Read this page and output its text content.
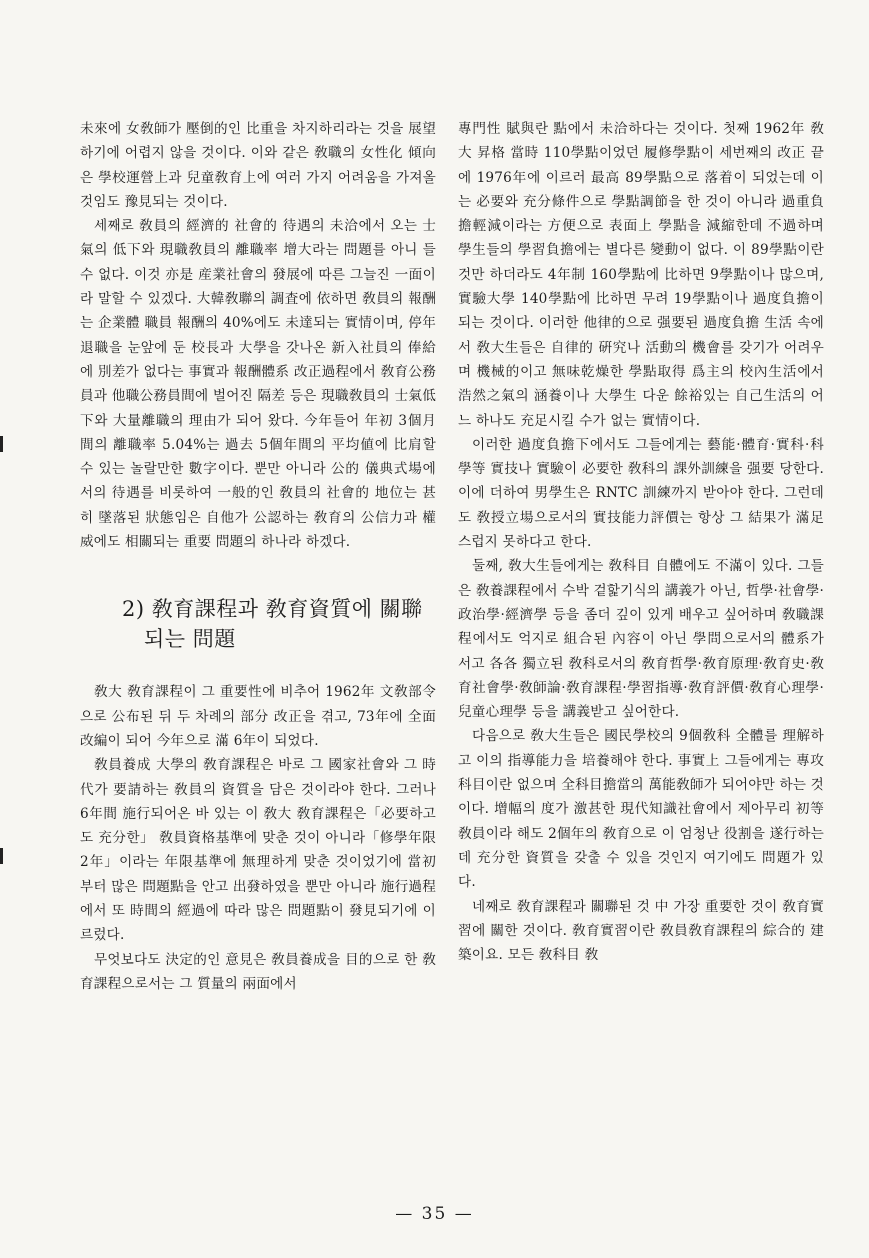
未來에 女敎師가 壓倒的인 比重을 차지하리라는 것을 展望하기에 어렵지 않을 것이다. 이와 같은 敎職의 女性化 傾向은 學校運營上과 兒童敎育上에 여러 가지 어려움을 가져올 것임도 豫見되는 것이다.

세째로 敎員의 經濟的 社會的 待遇의 未洽에서 오는 士氣의 低下와 現職敎員의 離職率 增大라는 問題를 아니 들 수 없다. 이것 亦是 産業社會의 發展에 따른 그늘진 一面이라 말할 수 있겠다. 大韓敎聯의 調査에 依하면 敎員의 報酬는 企業體 職員 報酬의 40%에도 未達되는 實情이며, 停年退職을 눈앞에 둔 校長과 大學을 갓나온 新入社員의 俸給에 別差가 없다는 事實과 報酬體系 改正過程에서 敎育公務員과 他職公務員間에 벌어진 隔差 등은 現職敎員의 士氣低下와 大量離職의 理由가 되어 왔다. 今年들어 年初 3個月間의 離職率 5.04%는 過去 5個年間의 平均値에 比肩할 수 있는 놀랄만한 數字이다. 뿐만 아니라 公的 儀典式場에서의 待遇를 비롯하여 一般的인 敎員의 社會的 地位는 甚히 墜落된 狀態임은 自他가 公認하는 敎育의 公信力과 權威에도 相關되는 重要 問題의 하나라 하겠다.

2) 敎育課程과 敎育資質에 關聯
되는 問題

敎大 敎育課程이 그 重要性에 비추어 1962年 文敎部令으로 公布된 뒤 두 차례의 部分 改正을 겪고, 73年에 全面 改編이 되어 今年으로 滿 6年이 되었다.

敎員養成 大學의 敎育課程은 바로 그 國家社會와 그 時代가 要請하는 敎員의 資質을 담은 것이라야 한다. 그러나 6年間 施行되어온 바 있는 이 敎大 敎育課程은「必要하고도 充分한」 敎員資格基準에 맞춘 것이 아니라「修學年限 2年」이라는 年限基準에 無理하게 맞춘 것이었기에 當初부터 많은 問題點을 안고 出發하였을 뿐만 아니라 施行過程에서 또 時間의 經過에 따라 많은 問題點이 發見되기에 이르렀다.

무엇보다도 決定的인 意見은 敎員養成을 目的으로 한 敎育課程으로서는 그 質量의 兩面에서

專門性 賦與란 點에서 未洽하다는 것이다. 첫째 1962年 敎大 昇格 當時 110學點이었던 履修學點이 세번째의 改正 끝에 1976年에 이르러 最高 89學點으로 落着이 되었는데 이는 必要와 充分條件으로 學點調節을 한 것이 아니라 過重負擔輕減이라는 方便으로 表面上 學點을 減縮한데 不過하며 學生들의 學習負擔에는 별다른 變動이 없다. 이 89學點이란 것만 하더라도 4年制 160學點에 比하면 9學點이나 많으며, 實驗大學 140學點에 比하면 무려 19學點이나 過度負擔이 되는 것이다. 이러한 他律的으로 强要된 過度負擔 生活 속에서 敎大生들은 自律的 硏究나 活動의 機會를 갖기가 어려우며 機械的이고 無味乾燥한 學點取得 爲主의 校內生活에서 浩然之氣의 涵養이나 大學生 다운 餘裕있는 自己生活의 어느 하나도 充足시킬 수가 없는 實情이다.

이러한 過度負擔下에서도 그들에게는 藝能·體育·實科·科學等 實技나 實驗이 必要한 敎科의 課外訓練을 强要 당한다. 이에 더하여 男學生은 RNTC 訓練까지 받아야 한다. 그런데도 敎授立場으로서의 實技能力評價는 항상 그 結果가 滿足스럽지 못하다고 한다.

둘째, 敎大生들에게는 敎科目 自體에도 不滿이 있다. 그들은 敎養課程에서 수박 겉핥기식의 講義가 아닌, 哲學·社會學·政治學·經濟學 등을 좀더 깊이 있게 배우고 싶어하며 敎職課程에서도 억지로 組合된 內容이 아닌 學問으로서의 體系가 서고 各各 獨立된 敎科로서의 敎育哲學·敎育原理·敎育史·敎育社會學·敎師論·敎育課程·學習指導·敎育評價·敎育心理學·兒童心理學 등을 講義받고 싶어한다.

다음으로 敎大生들은 國民學校의 9個敎科 全體를 理解하고 이의 指導能力을 培養해야 한다. 事實上 그들에게는 專攻科目이란 없으며 全科目擔當의 萬能敎師가 되어야만 하는 것이다. 增幅의 度가 激甚한 現代知識社會에서 제아무리 初等敎員이라 해도 2個年의 敎育으로 이 엄청난 役割을 遂行하는데 充分한 資質을 갖출 수 있을 것인지 여기에도 問題가 있다.

네째로 敎育課程과 關聯된 것 中 가장 重要한 것이 敎育實習에 關한 것이다. 敎育實習이란 敎員敎育課程의 綜合的 建築이요. 모든 敎科目 敎

— 35 —
